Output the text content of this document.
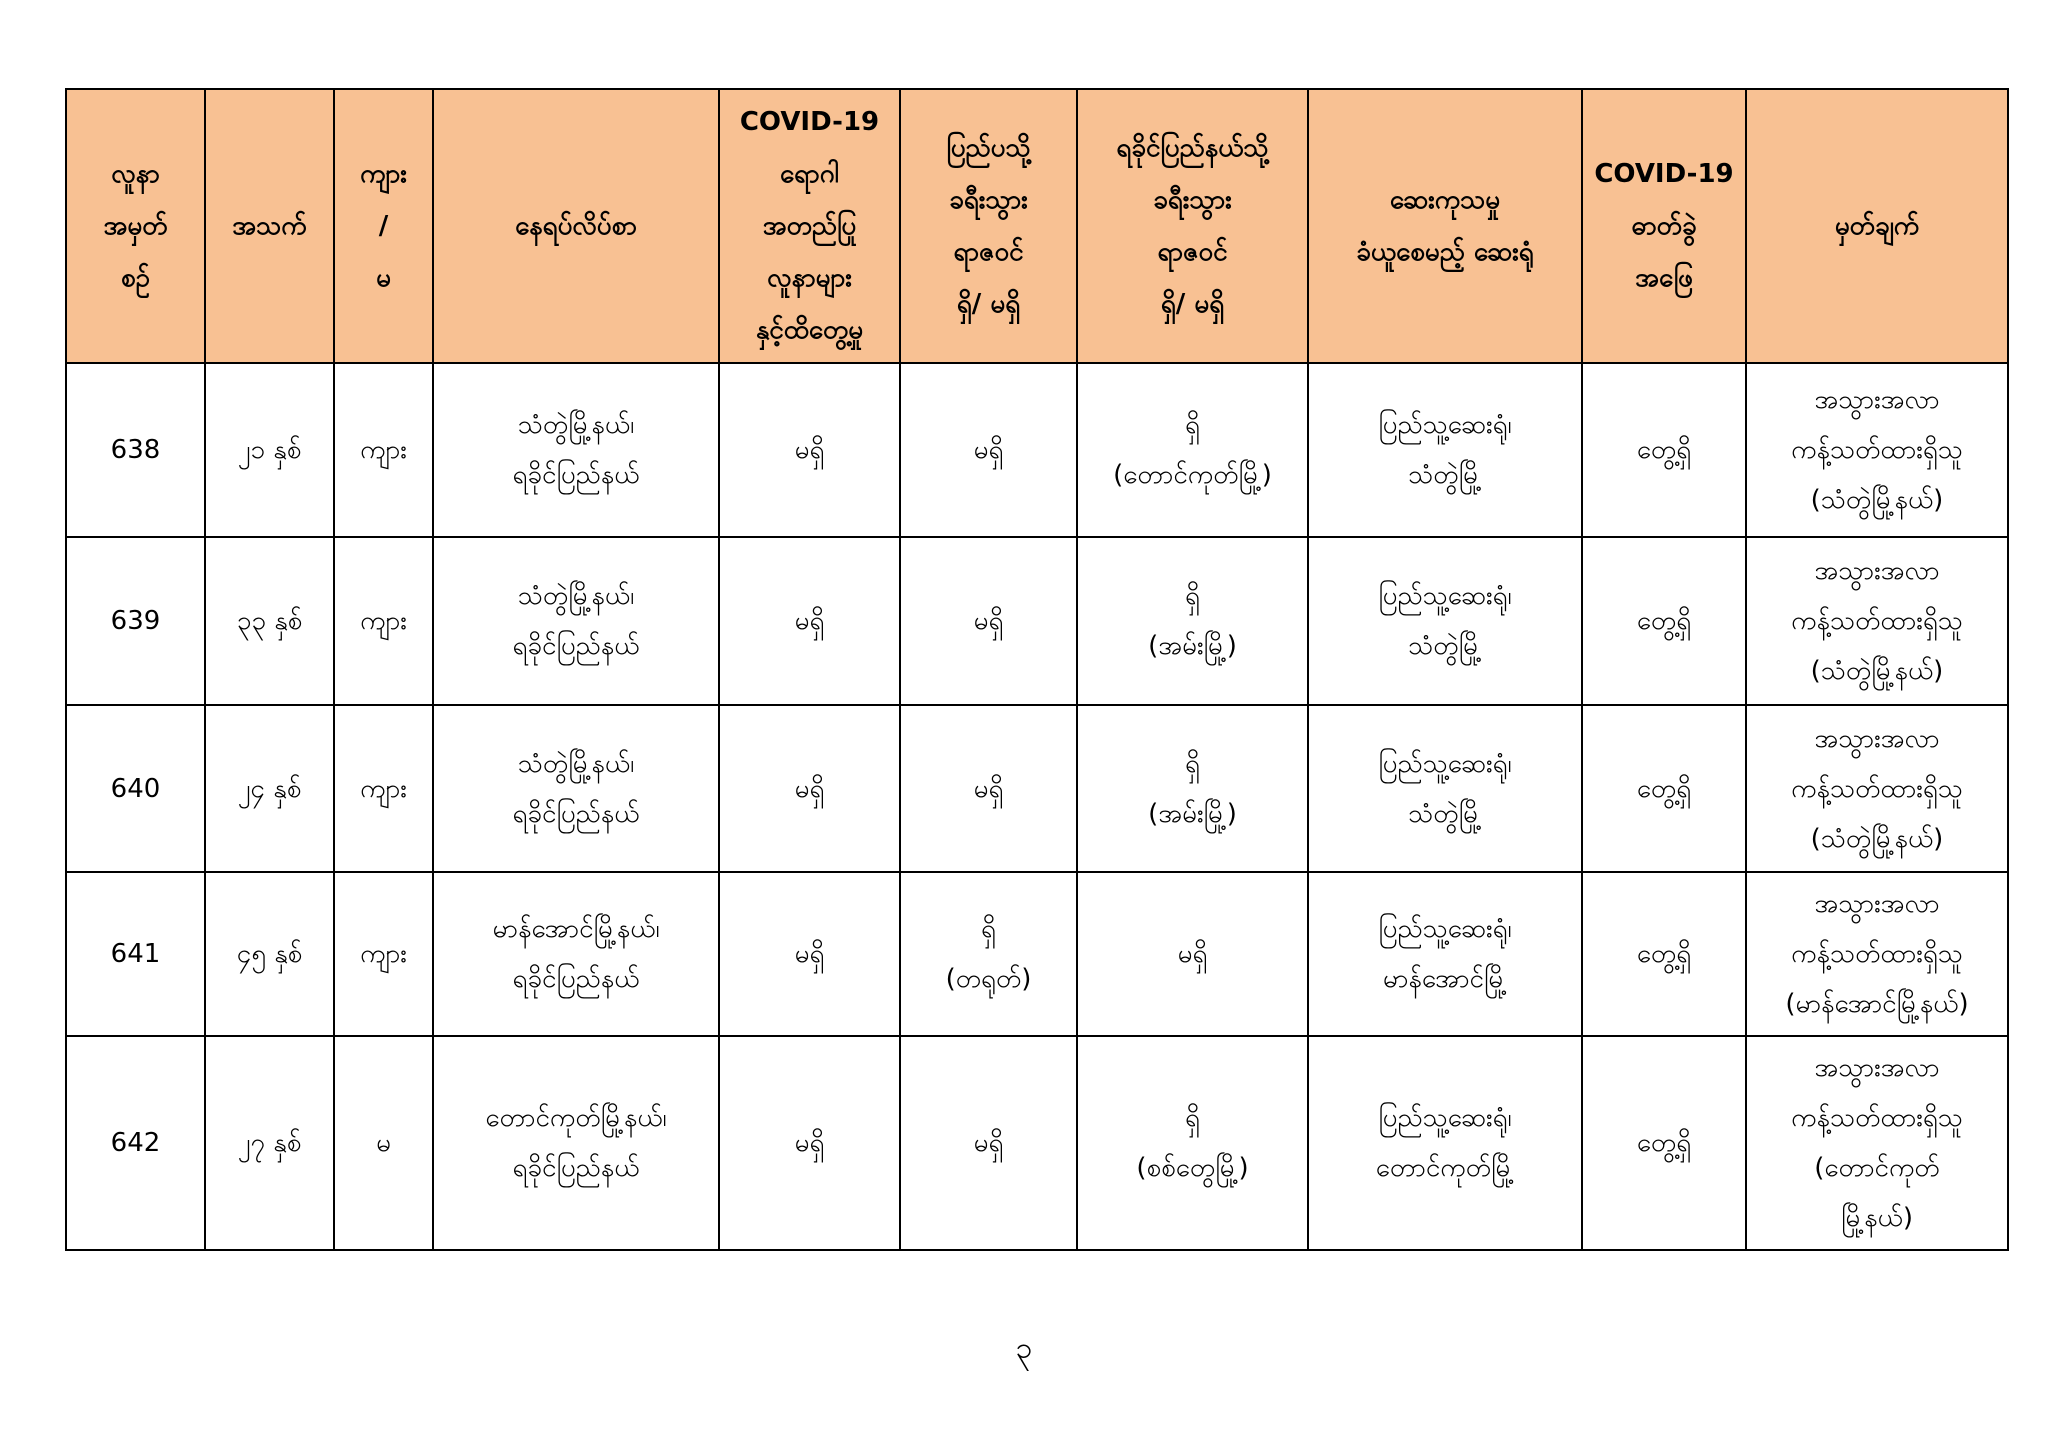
လူနာ
အမှတ်
စဉ်	အသက်	ကျား
/
မ	နေရပ်လိပ်စာ	COVID-19
ရောဂါ
အတည်ပြု
လူနာများ
နှင့်ထိတွေ့မှု	ပြည်ပသို့
ခရီးသွား
ရာဇဝင်
ရှိ/ မရှိ	ရခိုင်ပြည်နယ်သို့
ခရီးသွား
ရာဇဝင်
ရှိ/ မရှိ	ဆေးကုသမှု
ခံယူစေမည့် ဆေးရုံ	COVID-19
ဓာတ်ခွဲ
အဖြေ	မှတ်ချက်
638	၂၁ နှစ်	ကျား	သံတွဲမြို့နယ်၊
ရခိုင်ပြည်နယ်	မရှိ	မရှိ	ရှိ
(တောင်ကုတ်မြို့)	ပြည်သူ့ဆေးရုံ၊
သံတွဲမြို့	တွေ့ရှိ	အသွားအလာ
ကန့်သတ်ထားရှိသူ
(သံတွဲမြို့နယ်)
639	၃၃ နှစ်	ကျား	သံတွဲမြို့နယ်၊
ရခိုင်ပြည်နယ်	မရှိ	မရှိ	ရှိ
(အမ်းမြို့)	ပြည်သူ့ဆေးရုံ၊
သံတွဲမြို့	တွေ့ရှိ	အသွားအလာ
ကန့်သတ်ထားရှိသူ
(သံတွဲမြို့နယ်)
640	၂၄ နှစ်	ကျား	သံတွဲမြို့နယ်၊
ရခိုင်ပြည်နယ်	မရှိ	မရှိ	ရှိ
(အမ်းမြို့)	ပြည်သူ့ဆေးရုံ၊
သံတွဲမြို့	တွေ့ရှိ	အသွားအလာ
ကန့်သတ်ထားရှိသူ
(သံတွဲမြို့နယ်)
641	၄၅ နှစ်	ကျား	မာန်အောင်မြို့နယ်၊
ရခိုင်ပြည်နယ်	မရှိ	ရှိ
(တရုတ်)	မရှိ	ပြည်သူ့ဆေးရုံ၊
မာန်အောင်မြို့	တွေ့ရှိ	အသွားအလာ
ကန့်သတ်ထားရှိသူ
(မာန်အောင်မြို့နယ်)
642	၂၇ နှစ်	မ	တောင်ကုတ်မြို့နယ်၊
ရခိုင်ပြည်နယ်	မရှိ	မရှိ	ရှိ
(စစ်တွေမြို့)	ပြည်သူ့ဆေးရုံ၊
တောင်ကုတ်မြို့	တွေ့ရှိ	အသွားအလာ
ကန့်သတ်ထားရှိသူ
(တောင်ကုတ်
မြို့နယ်)
၃
